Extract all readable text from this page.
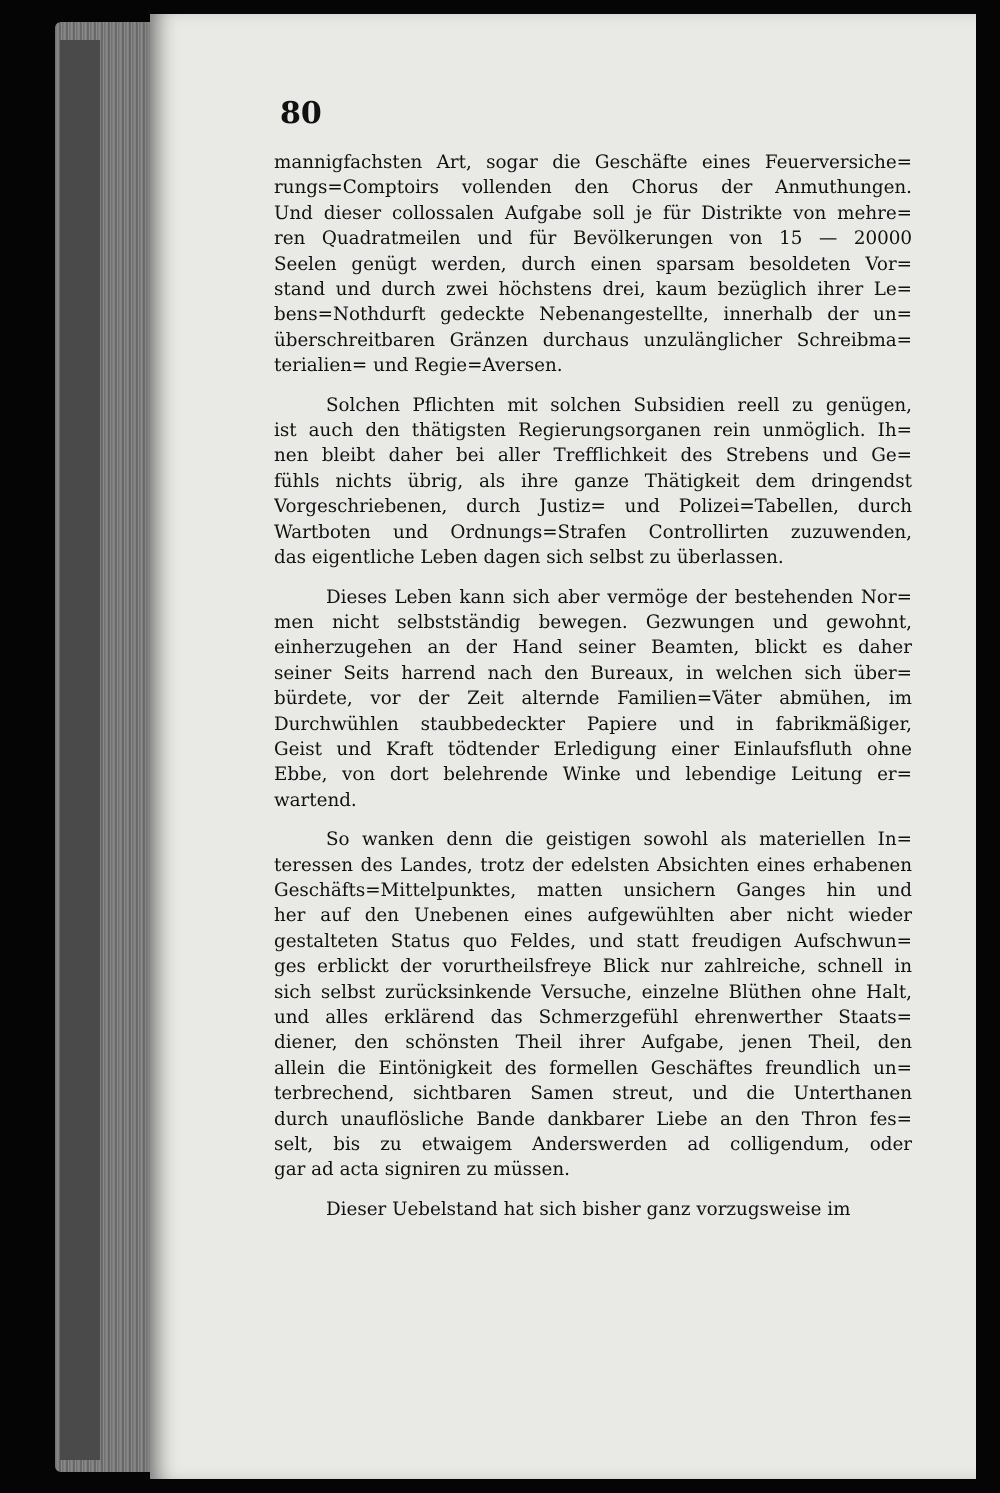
80

mannigfachsten Art, sogar die Geschäfte eines Feuerversiche=
rungs=Comptoirs vollenden den Chorus der Anmuthungen.
Und dieser collossalen Aufgabe soll je für Distrikte von mehre=
ren Quadratmeilen und für Bevölkerungen von 15 — 20000
Seelen genügt werden, durch einen sparsam besoldeten Vor=
stand und durch zwei höchstens drei, kaum bezüglich ihrer Le=
bens=Nothdurft gedeckte Nebenangestellte, innerhalb der un=
überschreitbaren Gränzen durchaus unzulänglicher Schreibma=
terialien= und Regie=Aversen.

Solchen Pflichten mit solchen Subsidien reell zu genügen,
ist auch den thätigsten Regierungsorganen rein unmöglich. Ih=
nen bleibt daher bei aller Trefflichkeit des Strebens und Ge=
fühls nichts übrig, als ihre ganze Thätigkeit dem dringendst
Vorgeschriebenen, durch Justiz= und Polizei=Tabellen, durch
Wartboten und Ordnungs=Strafen Controllirten zuzuwenden,
das eigentliche Leben dagen sich selbst zu überlassen.

Dieses Leben kann sich aber vermöge der bestehenden Nor=
men nicht selbstständig bewegen. Gezwungen und gewohnt,
einherzugehen an der Hand seiner Beamten, blickt es daher
seiner Seits harrend nach den Bureaux, in welchen sich über=
bürdete, vor der Zeit alternde Familien=Väter abmühen, im
Durchwühlen staubbedeckter Papiere und in fabrikmäßiger,
Geist und Kraft tödtender Erledigung einer Einlaufsfluth ohne
Ebbe, von dort belehrende Winke und lebendige Leitung er=
wartend.

So wanken denn die geistigen sowohl als materiellen In=
teressen des Landes, trotz der edelsten Absichten eines erhabenen
Geschäfts=Mittelpunktes, matten unsichern Ganges hin und
her auf den Unebenen eines aufgewühlten aber nicht wieder
gestalteten Status quo Feldes, und statt freudigen Aufschwun=
ges erblickt der vorurtheilsfreye Blick nur zahlreiche, schnell in
sich selbst zurücksinkende Versuche, einzelne Blüthen ohne Halt,
und alles erklärend das Schmerzgefühl ehrenwerther Staats=
diener, den schönsten Theil ihrer Aufgabe, jenen Theil, den
allein die Eintönigkeit des formellen Geschäftes freundlich un=
terbrechend, sichtbaren Samen streut, und die Unterthanen
durch unauflösliche Bande dankbarer Liebe an den Thron fes=
selt, bis zu etwaigem Anderswerden ad colligendum, oder
gar ad acta signiren zu müssen.

Dieser Uebelstand hat sich bisher ganz vorzugsweise im
